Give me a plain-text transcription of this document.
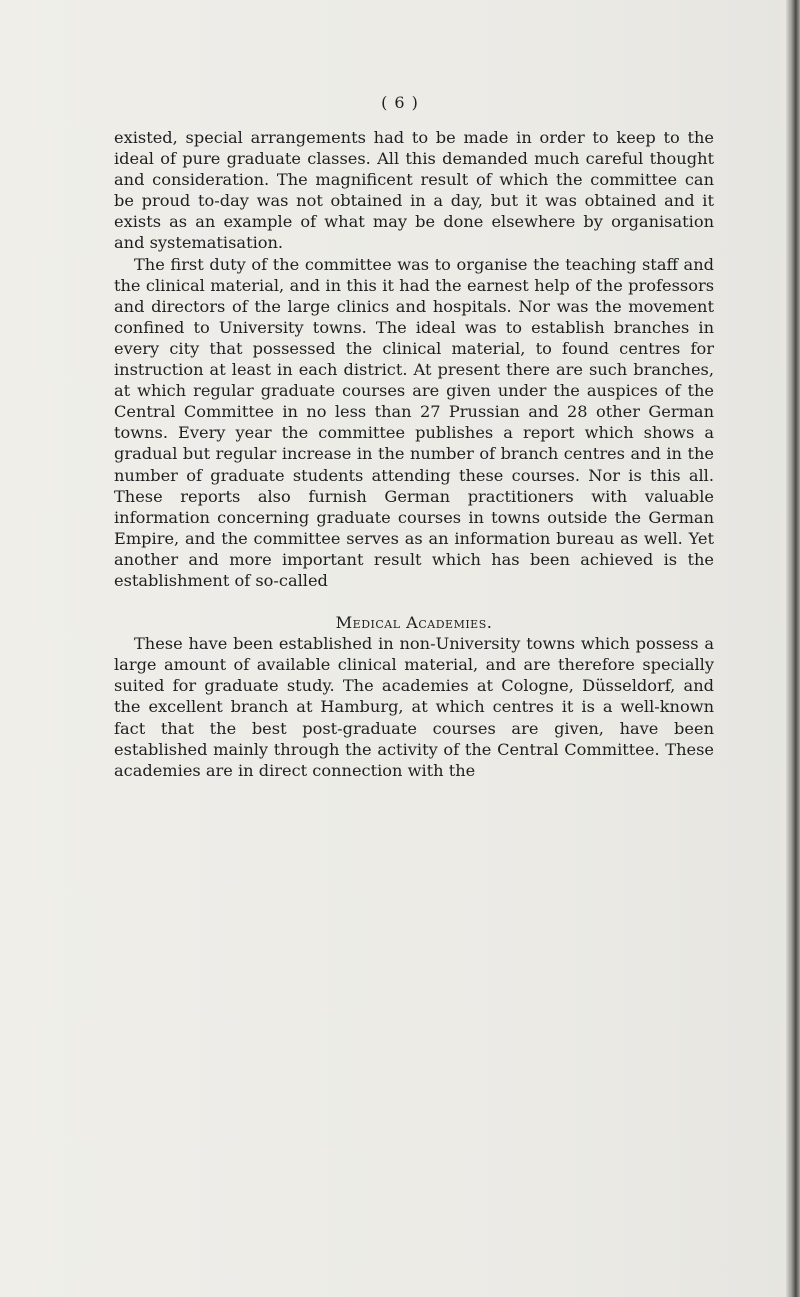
( 6 )

existed, special arrangements had to be made in order to keep to the ideal of pure graduate classes. All this demanded much careful thought and consideration. The magnificent result of which the committee can be proud to-day was not obtained in a day, but it was obtained and it exists as an example of what may be done elsewhere by organisation and systematisation.

The first duty of the committee was to organise the teaching staff and the clinical material, and in this it had the earnest help of the professors and directors of the large clinics and hospitals. Nor was the movement confined to University towns. The ideal was to establish branches in every city that possessed the clinical material, to found centres for instruction at least in each district. At present there are such branches, at which regular graduate courses are given under the auspices of the Central Committee in no less than 27 Prussian and 28 other German towns. Every year the committee publishes a report which shows a gradual but regular increase in the number of branch centres and in the number of graduate students attending these courses. Nor is this all. These reports also furnish German practitioners with valuable information concerning graduate courses in towns outside the German Empire, and the committee serves as an information bureau as well. Yet another and more important result which has been achieved is the establishment of so-called

Medical Academies.

These have been established in non-University towns which possess a large amount of available clinical material, and are therefore specially suited for graduate study. The academies at Cologne, Düsseldorf, and the excellent branch at Hamburg, at which centres it is a well-known fact that the best post-graduate courses are given, have been established mainly through the activity of the Central Committee. These academies are in direct connection with the
